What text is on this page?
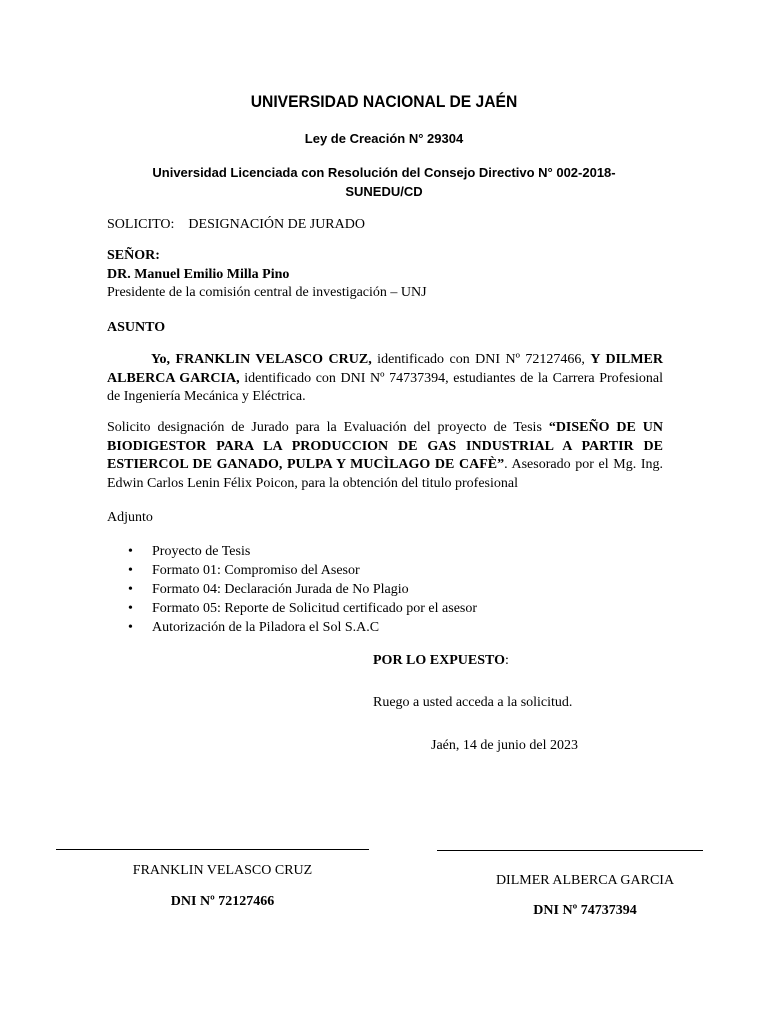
UNIVERSIDAD NACIONAL DE JAÉN
Ley de Creación N° 29304
Universidad Licenciada con Resolución del Consejo Directivo N° 002-2018-SUNEDU/CD
SOLICITO: DESIGNACIÓN DE JURADO
SEÑOR:
DR. Manuel Emilio Milla Pino
Presidente de la comisión central de investigación – UNJ
ASUNTO
Yo, FRANKLIN VELASCO CRUZ, identificado con DNI Nº 72127466, Y DILMER ALBERCA GARCIA, identificado con DNI Nº 74737394, estudiantes de la Carrera Profesional de Ingeniería Mecánica y Eléctrica.
Solicito designación de Jurado para la Evaluación del proyecto de Tesis “DISEÑO DE UN BIODIGESTOR PARA LA PRODUCCION DE GAS INDUSTRIAL A PARTIR DE ESTIERCOL DE GANADO, PULPA Y MUCÌLAGO DE CAFÈ”. Asesorado por el Mg. Ing. Edwin Carlos Lenin Félix Poicon, para la obtención del titulo profesional
Adjunto
• Proyecto de Tesis
• Formato 01: Compromiso del Asesor
• Formato 04: Declaración Jurada de No Plagio
• Formato 05: Reporte de Solicitud certificado por el asesor
• Autorización de la Piladora el Sol S.A.C
POR LO EXPUESTO:
Ruego a usted acceda a la solicitud.
Jaén, 14 de junio del 2023
FRANKLIN VELASCO CRUZ
DNI Nº 72127466
DILMER ALBERCA GARCIA
DNI Nº 74737394
